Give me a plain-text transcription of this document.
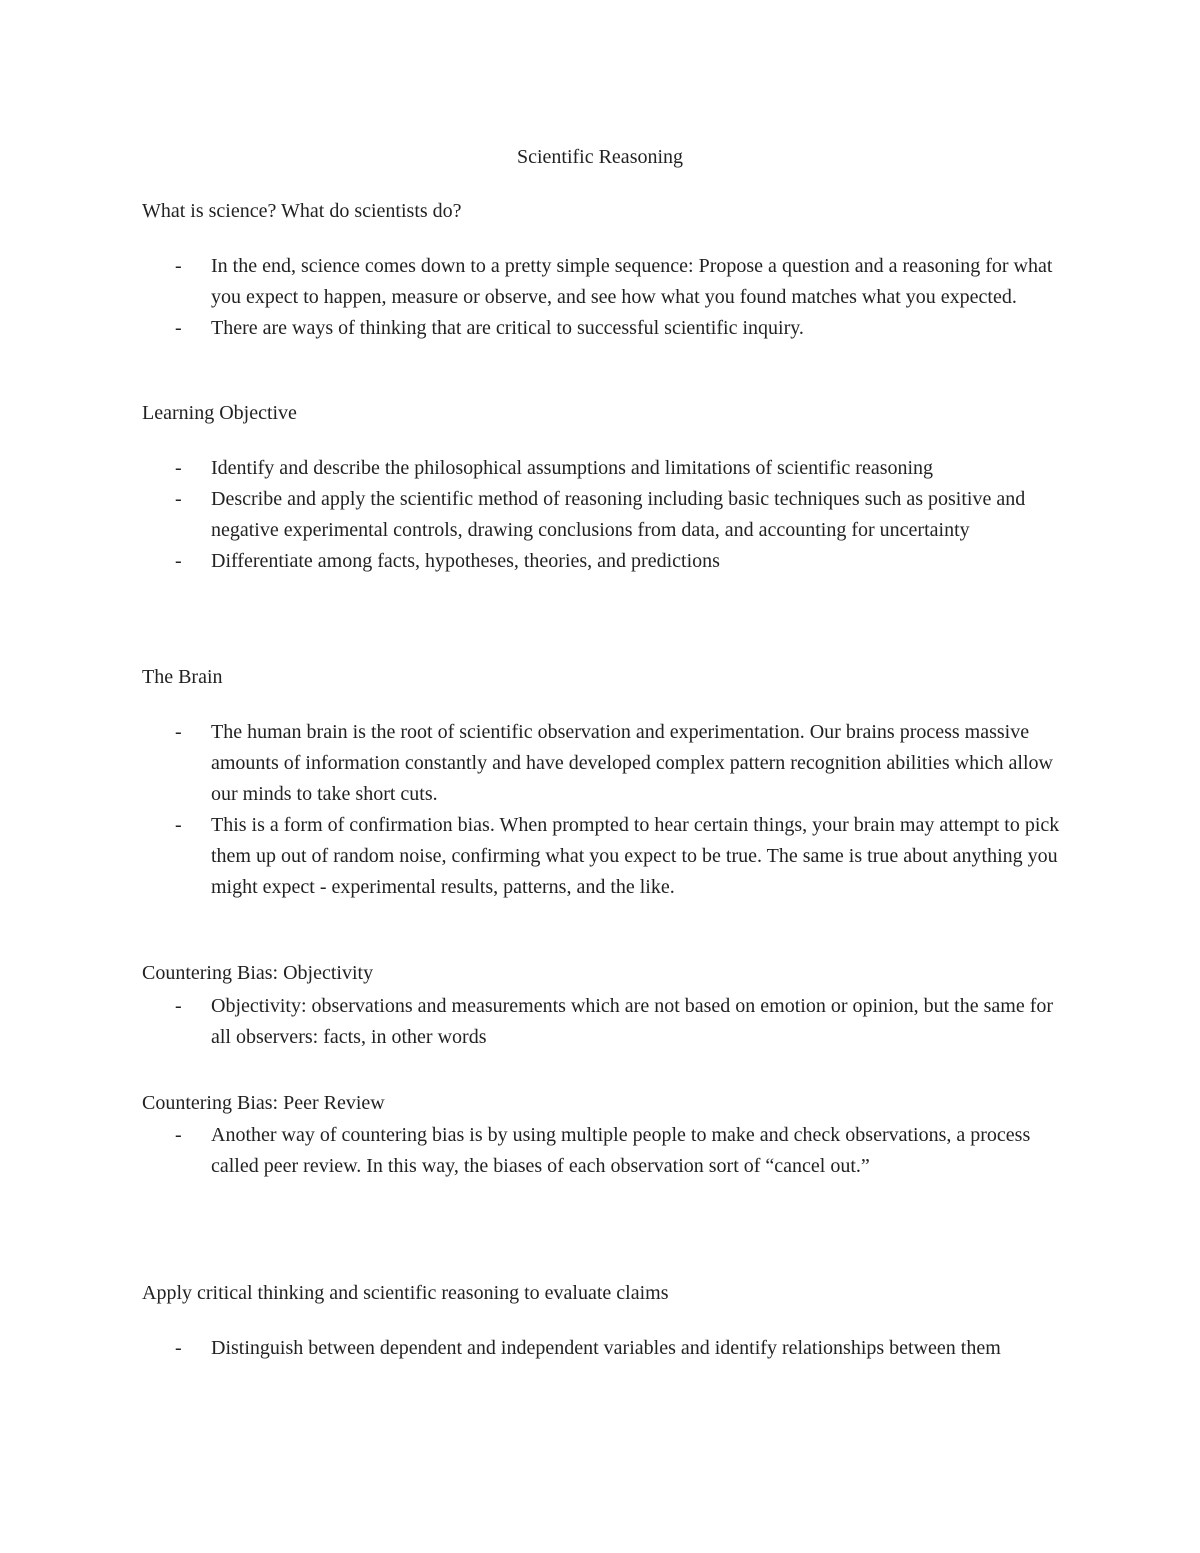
Scientific Reasoning

What is science? What do scientists do?

- In the end, science comes down to a pretty simple sequence: Propose a question and a reasoning for what you expect to happen, measure or observe, and see how what you found matches what you expected.
- There are ways of thinking that are critical to successful scientific inquiry.

Learning Objective

- Identify and describe the philosophical assumptions and limitations of scientific reasoning
- Describe and apply the scientific method of reasoning including basic techniques such as positive and negative experimental controls, drawing conclusions from data, and accounting for uncertainty
- Differentiate among facts, hypotheses, theories, and predictions

The Brain

- The human brain is the root of scientific observation and experimentation. Our brains process massive amounts of information constantly and have developed complex pattern recognition abilities which allow our minds to take short cuts.
- This is a form of confirmation bias. When prompted to hear certain things, your brain may attempt to pick them up out of random noise, confirming what you expect to be true. The same is true about anything you might expect - experimental results, patterns, and the like.

Countering Bias: Objectivity

- Objectivity: observations and measurements which are not based on emotion or opinion, but the same for all observers: facts, in other words

Countering Bias: Peer Review

- Another way of countering bias is by using multiple people to make and check observations, a process called peer review. In this way, the biases of each observation sort of “cancel out.”

Apply critical thinking and scientific reasoning to evaluate claims

- Distinguish between dependent and independent variables and identify relationships between them
